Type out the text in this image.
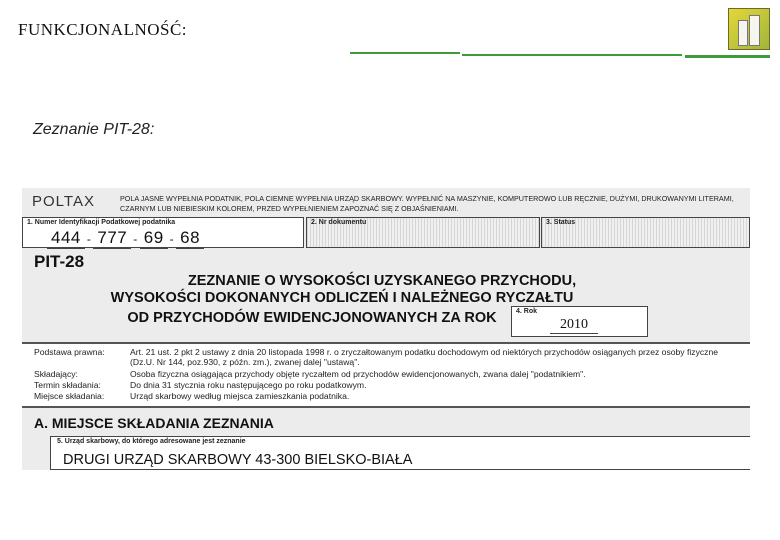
FUNKCJONALNOŚĆ:
Zeznanie PIT-28:
POLTAX	POLA JASNE WYPEŁNIA PODATNIK, POLA CIEMNE WYPEŁNIA URZĄD SKARBOWY. WYPEŁNIĆ NA MASZYNIE, KOMPUTEROWO LUB RĘCZNIE, DUŻYMI, DRUKOWANYMI LITERAMI, CZARNYM LUB NIEBIESKIM KOLOREM, PRZED WYPEŁNIENIEM ZAPOZNAĆ SIĘ Z OBJAŚNIENIAMI.
1. Numer Identyfikacji Podatkowej podatnika
444 - 777 - 69 - 68
2. Nr dokumentu	3. Status
PIT-28
ZEZNANIE O WYSOKOŚCI UZYSKANEGO PRZYCHODU,
WYSOKOŚCI DOKONANYCH ODLICZEŃ I NALEŻNEGO RYCZAŁTU
OD PRZYCHODÓW EWIDENCJONOWANYCH ZA ROK	4. Rok
2010
Podstawa prawna:	Art. 21 ust. 2 pkt 2 ustawy z dnia 20 listopada 1998 r. o zryczałtowanym podatku dochodowym od niektórych przychodów osiąganych przez osoby fizyczne (Dz.U. Nr 144, poz.930, z późn. zm.), zwanej dalej "ustawą".
Składający:	Osoba fizyczna osiągająca przychody objęte ryczałtem od przychodów ewidencjonowanych, zwana dalej "podatnikiem".
Termin składania:	Do dnia 31 stycznia roku następującego po roku podatkowym.
Miejsce składania:	Urząd skarbowy według miejsca zamieszkania podatnika.
A. MIEJSCE SKŁADANIA ZEZNANIA
5. Urząd skarbowy, do którego adresowane jest zeznanie
DRUGI URZĄD SKARBOWY 43-300 BIELSKO-BIAŁA
